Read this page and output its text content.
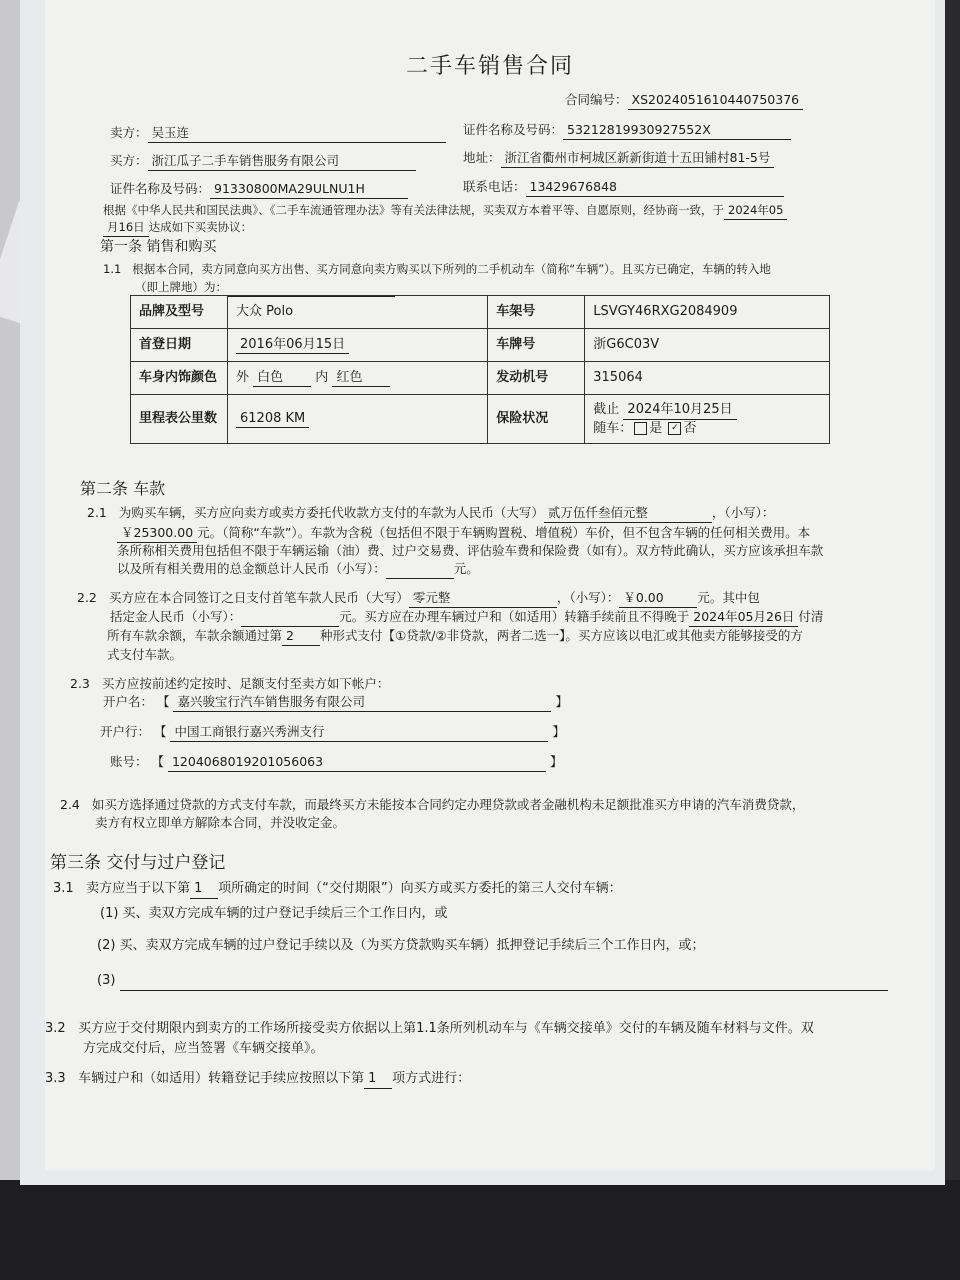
二手车销售合同
合同编号： XS2024051610440750376
卖方： 吴玉连	证件名称及号码： 53212819930927552X
买方： 浙江瓜子二手车销售服务有限公司	地址： 浙江省衢州市柯城区新新街道十五田铺村81-5号
证件名称及号码： 91330800MA29ULNU1H	联系电话： 13429676848
根据《中华人民共和国民法典》、《二手车流通管理办法》等有关法律法规，买卖双方本着平等、自愿原则，经协商一致，于 2024年05
月16日 达成如下买卖协议：
第一条 销售和购买
1.1 根据本合同，卖方同意向买方出售、买方同意向卖方购买以下所列的二手机动车（简称“车辆”）。且买方已确定，车辆的转入地
（即上牌地）为：
品牌及型号	大众 Polo	车架号	LSVGY46RXG2084909
首登日期	2016年06月15日	车牌号	浙G6C03V
车身内饰颜色	外 白色 内 红色	发动机号	315064
里程表公里数	61208 KM	保险状况	截止 2024年10月25日
随车： 是 ✓ 否
第二条 车款
2.1 为购买车辆，买方应向卖方或卖方委托代收款方支付的车款为人民币（大写） 贰万伍仟叁佰元整	，（小写）：
￥25300.00 元。（简称“车款”）。车款为含税（包括但不限于车辆购置税、增值税）车价，但不包含车辆的任何相关费用。本
条所称相关费用包括但不限于车辆运输（油）费、过户交易费、评估验车费和保险费（如有）。双方特此确认，买方应该承担车款
以及所有相关费用的总金额总计人民币（小写）：	元。
2.2 买方应在本合同签订之日支付首笔车款人民币（大写） 零元整	，（小写）： ￥0.00	元。其中包
括定金人民币（小写）：	元。买方应在办理车辆过户和（如适用）转籍手续前且不得晚于 2024年05月26日 付清
所有车款余额，车款余额通过第 2 种形式支付【①贷款/②非贷款，两者二选一】。买方应该以电汇或其他卖方能够接受的方
式支付车款。
2.3 买方应按前述约定按时、足额支付至卖方如下帐户：
开户名： 【 嘉兴骏宝行汽车销售服务有限公司	】
开户行： 【 中国工商银行嘉兴秀洲支行	】
账号： 【 1204068019201056063	】
2.4 如买方选择通过贷款的方式支付车款，而最终买方未能按本合同约定办理贷款或者金融机构未足额批准买方申请的汽车消费贷款，
卖方有权立即单方解除本合同，并没收定金。
第三条 交付与过户登记
3.1 卖方应当于以下第 1 项所确定的时间（“交付期限”）向买方或买方委托的第三人交付车辆：
(1) 买、卖双方完成车辆的过户登记手续后三个工作日内，或
(2) 买、卖双方完成车辆的过户登记手续以及（为买方贷款购买车辆）抵押登记手续后三个工作日内，或；
(3)
3.2 买方应于交付期限内到卖方的工作场所接受卖方依据以上第1.1条所列机动车与《车辆交接单》交付的车辆及随车材料与文件。双
方完成交付后，应当签署《车辆交接单》。
3.3 车辆过户和（如适用）转籍登记手续应按照以下第 1 项方式进行：
